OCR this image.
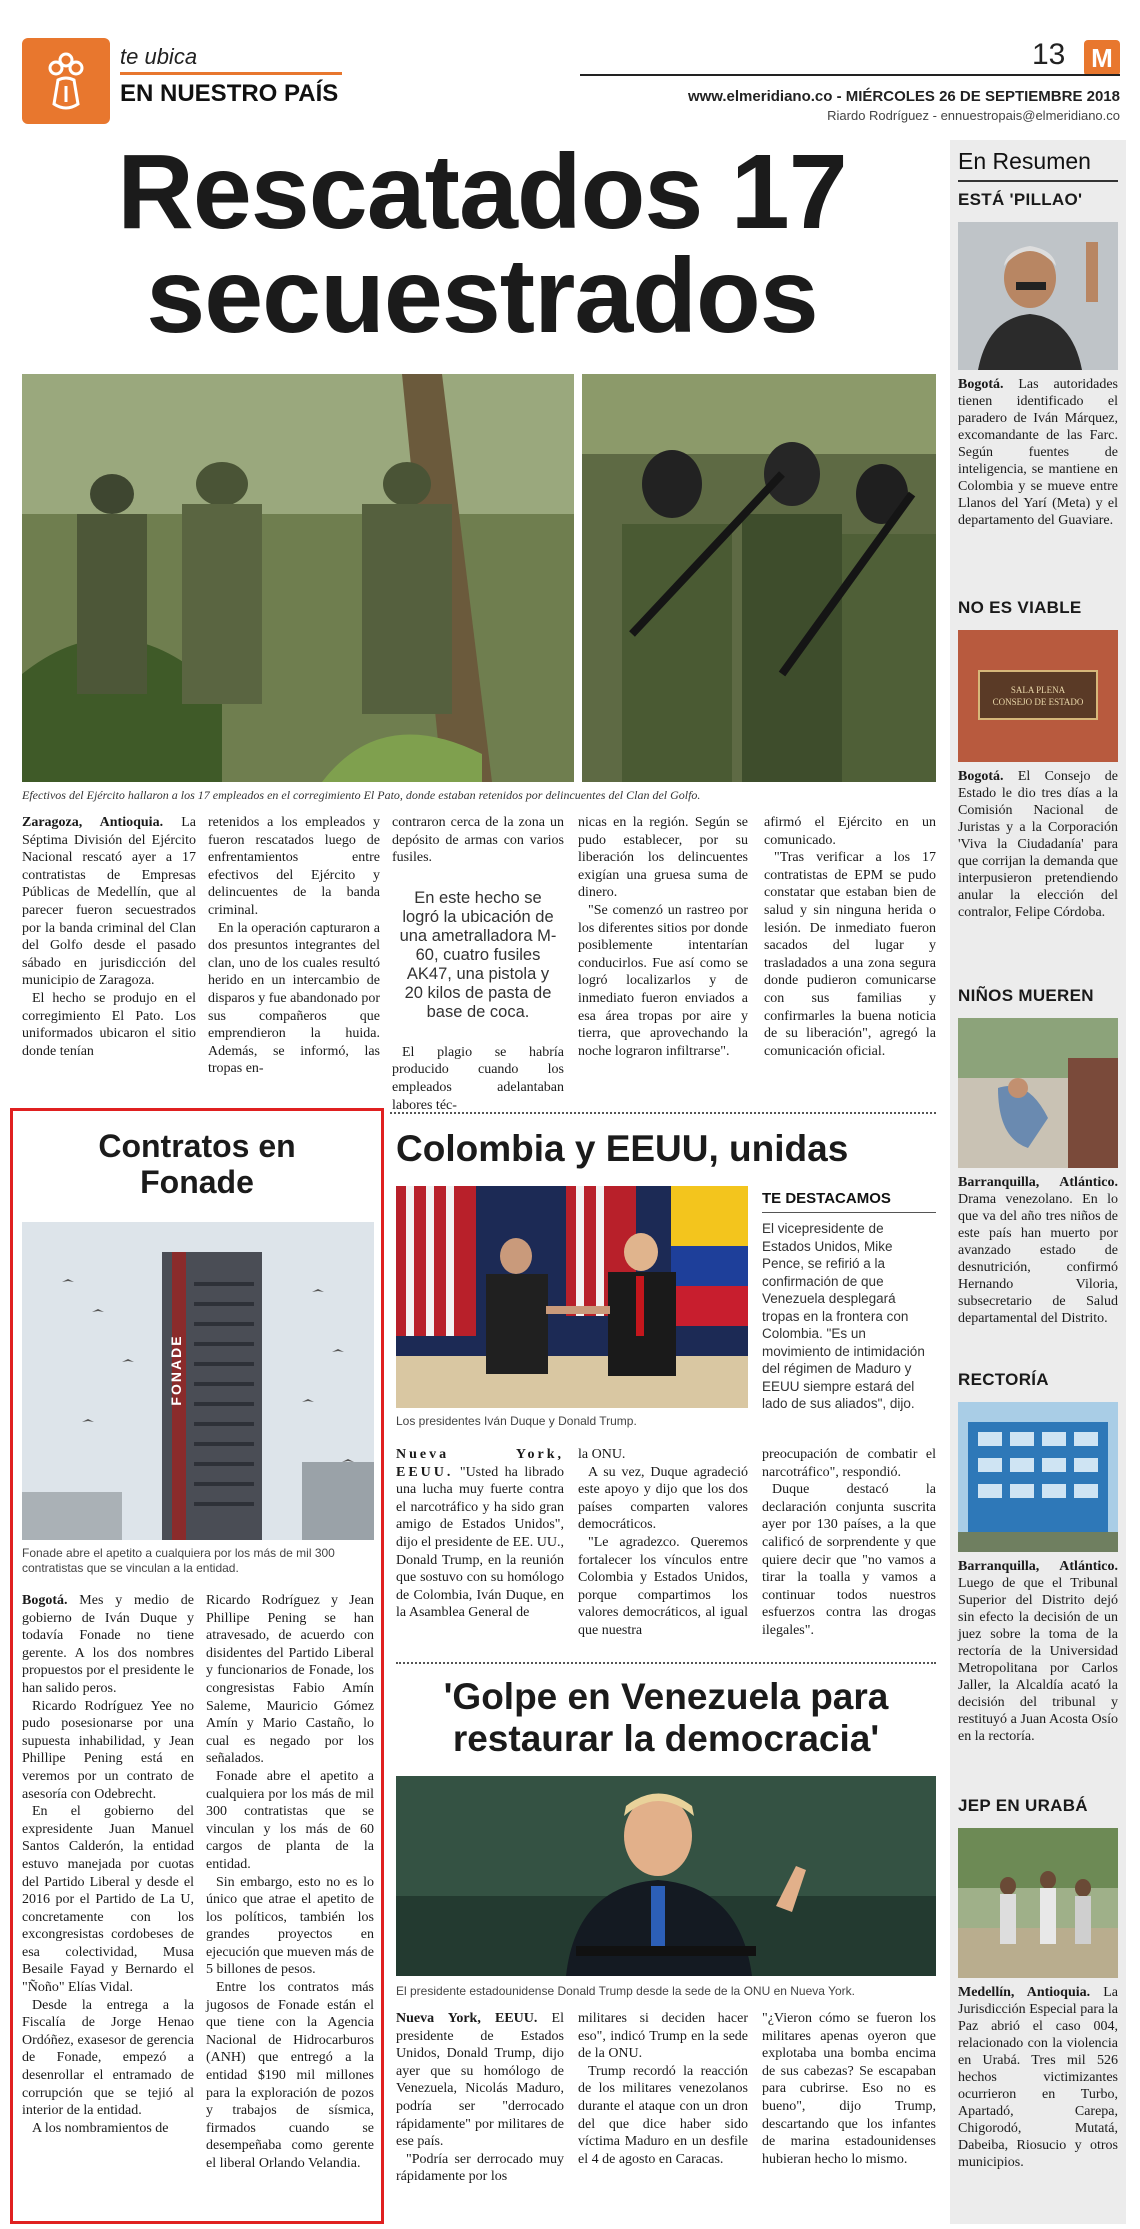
te ubica
EN NUESTRO PAÍS
13 M
www.elmeridiano.co - MIÉRCOLES 26 DE SEPTIEMBRE 2018
Riardo Rodríguez - ennuestropais@elmeridiano.co
Rescatados 17
secuestrados
Efectivos del Ejército hallaron a los 17 empleados en el corregimiento El Pato, donde estaban retenidos por delincuentes del Clan del Golfo.

Zaragoza, Antioquia. La Séptima División del Ejército Nacional rescató ayer a 17 contratistas de Empresas Públicas de Medellín, que al parecer fueron secuestrados por la banda criminal del Clan del Golfo desde el pasado sábado en jurisdicción del municipio de Zaragoza.

El hecho se produjo en el corregimiento El Pato. Los uniformados ubicaron el sitio donde tenían

retenidos a los empleados y fueron rescatados luego de enfrentamientos entre efectivos del Ejército y delincuentes de la banda criminal.

En la operación capturaron a dos presuntos integrantes del clan, uno de los cuales resultó herido en un intercambio de disparos y fue abandonado por sus compañeros que emprendieron la huida. Además, se informó, las tropas en-

contraron cerca de la zona un depósito de armas con varios fusiles.

En este hecho se logró la ubicación de una ametralladora M-60, cuatro fusiles AK47, una pistola y 20 kilos de pasta de base de coca.

El plagio se habría producido cuando los empleados adelantaban labores téc-

nicas en la región. Según se pudo establecer, por su liberación los delincuentes exigían una gruesa suma de dinero.

"Se comenzó un rastreo por los diferentes sitios por donde posiblemente intentarían conducirlos. Fue así como se logró localizarlos y de inmediato fueron enviados a esa área tropas por aire y tierra, que aprovechando la noche lograron infiltrarse".

afirmó el Ejército en un comunicado.

"Tras verificar a los 17 contratistas de EPM se pudo constatar que estaban bien de salud y sin ninguna herida o lesión. De inmediato fueron sacados del lugar y trasladados a una zona segura donde pudieron comunicarse con sus familias y confirmarles la buena noticia de su liberación", agregó la comunicación oficial.

Contratos en
Fonade
FONADE
Fonade abre el apetito a cualquiera por los más de mil 300 contratistas que se vinculan a la entidad.

Bogotá. Mes y medio de gobierno de Iván Duque y todavía Fonade no tiene gerente. A los dos nombres propuestos por el presidente le han salido peros.

Ricardo Rodríguez Yee no pudo posesionarse por una supuesta inhabilidad, y Jean Phillipe Pening está en veremos por un contrato de asesoría con Odebrecht.

En el gobierno del expresidente Juan Manuel Santos Calderón, la entidad estuvo manejada por cuotas del Partido Liberal y desde el 2016 por el Partido de La U, concretamente con los excongresistas cordobeses de esa colectividad, Musa Besaile Fayad y Bernardo el "Ñoño" Elías Vidal.

Desde la entrega a la Fiscalía de Jorge Henao Ordóñez, exasesor de gerencia de Fonade, empezó a desenrollar el entramado de corrupción que se tejió al interior de la entidad.

A los nombramientos de

Ricardo Rodríguez y Jean Phillipe Pening se han atravesado, de acuerdo con disidentes del Partido Liberal y funcionarios de Fonade, los congresistas Fabio Amín Saleme, Mauricio Gómez Amín y Mario Castaño, lo cual es negado por los señalados.

Fonade abre el apetito a cualquiera por los más de mil 300 contratistas que se vinculan y los más de 60 cargos de planta de la entidad.

Sin embargo, esto no es lo único que atrae el apetito de los políticos, también los grandes proyectos en ejecución que mueven más de 5 billones de pesos.

Entre los contratos más jugosos de Fonade están el que tiene con la Agencia Nacional de Hidrocarburos (ANH) que entregó a la entidad $190 mil millones para la exploración de pozos y trabajos de sísmica, firmados cuando se desempeñaba como gerente el liberal Orlando Velandia.

Colombia y EEUU, unidas
Los presidentes Iván Duque y Donald Trump.
TE DESTACAMOS
El vicepresidente de Estados Unidos, Mike Pence, se refirió a la confirmación de que Venezuela desplegará tropas en la frontera con Colombia. "Es un movimiento de intimidación del régimen de Maduro y EEUU siempre estará del lado de sus aliados", dijo.

Nueva York, EEUU. "Usted ha librado una lucha muy fuerte contra el narcotráfico y ha sido gran amigo de Estados Unidos", dijo el presidente de EE. UU., Donald Trump, en la reunión que sostuvo con su homólogo de Colombia, Iván Duque, en la Asamblea General de

la ONU.

A su vez, Duque agradeció este apoyo y dijo que los dos países comparten valores democráticos.

"Le agradezco. Queremos fortalecer los vínculos entre Colombia y Estados Unidos, porque compartimos los valores democráticos, al igual que nuestra

preocupación de combatir el narcotráfico", respondió.

Duque destacó la declaración conjunta suscrita ayer por 130 países, a la que calificó de sorprendente y que quiere decir que "no vamos a tirar la toalla y vamos a continuar todos nuestros esfuerzos contra las drogas ilegales".

'Golpe en Venezuela para
restaurar la democracia'
El presidente estadounidense Donald Trump desde la sede de la ONU en Nueva York.

Nueva York, EEUU. El presidente de Estados Unidos, Donald Trump, dijo ayer que su homólogo de Venezuela, Nicolás Maduro, podría ser "derrocado rápidamente" por militares de ese país.

"Podría ser derrocado muy rápidamente por los

militares si deciden hacer eso", indicó Trump en la sede de la ONU.

Trump recordó la reacción de los militares venezolanos durante el ataque con un dron del que dice haber sido víctima Maduro en un desfile el 4 de agosto en Caracas.

"¿Vieron cómo se fueron los militares apenas oyeron que explotaba una bomba encima de sus cabezas? Se escapaban para cubrirse. Eso no es bueno", dijo Trump, descartando que los infantes de marina estadounidenses hubieran hecho lo mismo.

En Resumen
ESTÁ 'PILLAO'
Bogotá. Las autoridades tienen identificado el paradero de Iván Márquez, excomandante de las Farc. Según fuentes de inteligencia, se mantiene en Colombia y se mueve entre Llanos del Yarí (Meta) y el departamento del Guaviare.
NO ES VIABLE
SALA PLENA
CONSEJO DE ESTADO
Bogotá. El Consejo de Estado le dio tres días a la Comisión Nacional de Juristas y a la Corporación 'Viva la Ciudadanía' para que corrijan la demanda que interpusieron pretendiendo anular la elección del contralor, Felipe Córdoba.
NIÑOS MUEREN
Barranquilla, Atlántico. Drama venezolano. En lo que va del año tres niños de este país han muerto por avanzado estado de desnutrición, confirmó Hernando Viloria, subsecretario de Salud departamental del Distrito.
RECTORÍA
Barranquilla, Atlántico. Luego de que el Tribunal Superior del Distrito dejó sin efecto la decisión de un juez sobre la toma de la rectoría de la Universidad Metropolitana por Carlos Jaller, la Alcaldía acató la decisión del tribunal y restituyó a Juan Acosta Osío en la rectoría.
JEP EN URABÁ
Medellín, Antioquia. La Jurisdicción Especial para la Paz abrió el caso 004, relacionado con la violencia en Urabá. Tres mil 526 hechos victimizantes ocurrieron en Turbo, Apartadó, Carepa, Chigorodó, Mutatá, Dabeiba, Riosucio y otros municipios.
